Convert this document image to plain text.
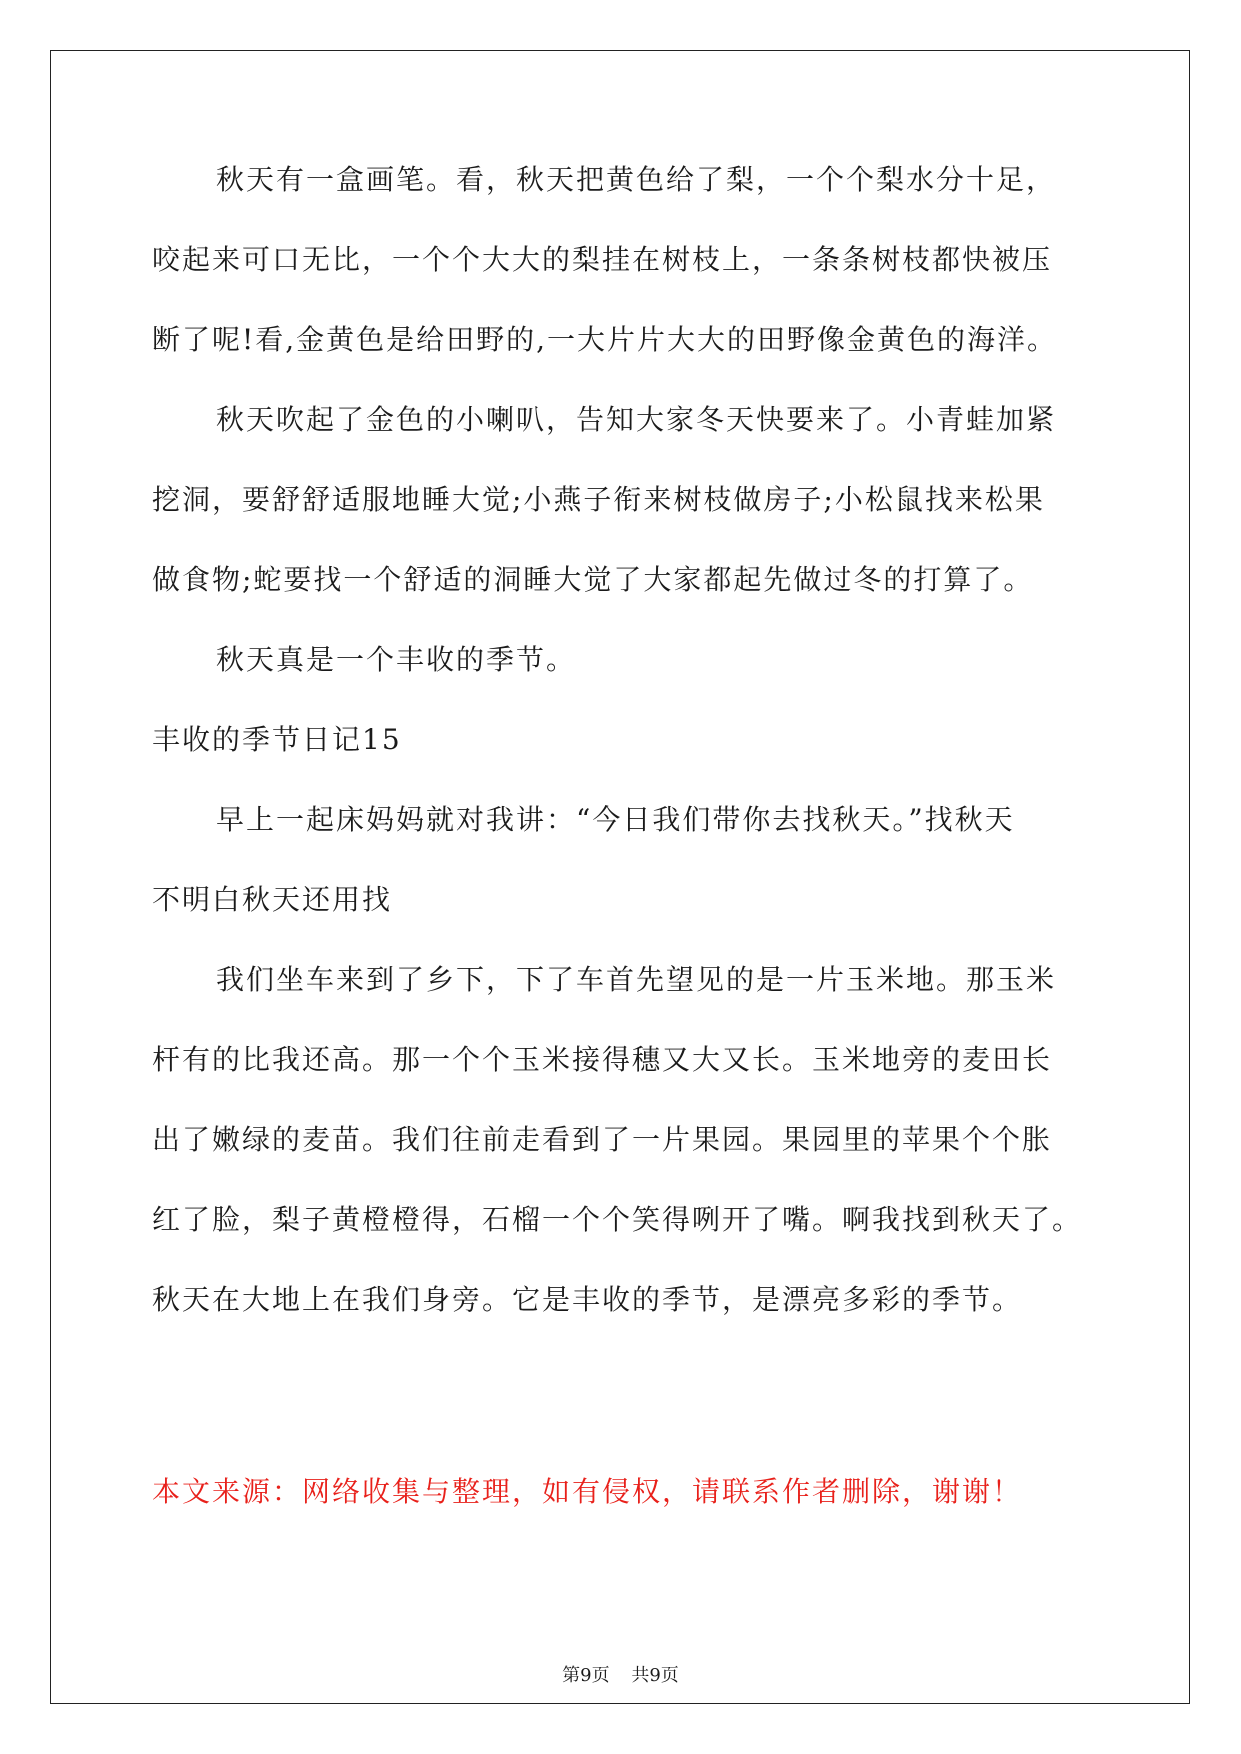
秋天有一盒画笔。看，秋天把黄色给了梨，一个个梨水分十足，
咬起来可口无比，一个个大大的梨挂在树枝上，一条条树枝都快被压
断了呢!看,金黄色是给田野的,一大片片大大的田野像金黄色的海洋。
秋天吹起了金色的小喇叭，告知大家冬天快要来了。小青蛙加紧
挖洞，要舒舒适服地睡大觉;小燕子衔来树枝做房子;小松鼠找来松果
做食物;蛇要找一个舒适的洞睡大觉了大家都起先做过冬的打算了。
秋天真是一个丰收的季节。
丰收的季节日记15
早上一起床妈妈就对我讲：“今日我们带你去找秋天。”找秋天
不明白秋天还用找
我们坐车来到了乡下，下了车首先望见的是一片玉米地。那玉米
杆有的比我还高。那一个个玉米接得穗又大又长。玉米地旁的麦田长
出了嫩绿的麦苗。我们往前走看到了一片果园。果园里的苹果个个胀
红了脸，梨子黄橙橙得，石榴一个个笑得咧开了嘴。啊我找到秋天了。
秋天在大地上在我们身旁。它是丰收的季节，是漂亮多彩的季节。
本文来源：网络收集与整理，如有侵权，请联系作者删除，谢谢！
第9页 共9页
